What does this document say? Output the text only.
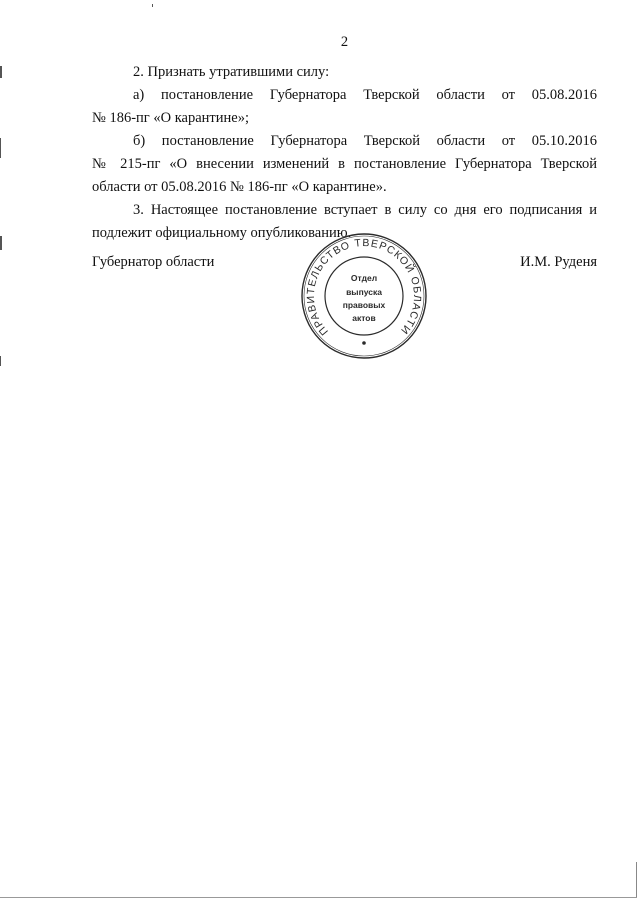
2
2. Признать утратившими силу:
а) постановление Губернатора Тверской области от 05.08.2016
№ 186-пг «О карантине»;
б) постановление Губернатора Тверской области от 05.10.2016
№ 215-пг «О внесении изменений в постановление Губернатора Тверской
области от 05.08.2016 № 186-пг «О карантине».
3. Настоящее постановление вступает в силу со дня его подписания и
подлежит официальному опубликованию.
Губернатор области	И.М. Руденя
ПРАВИТЕЛЬСТВО ТВЕРСКОЙ ОБЛАСТИ
Отдел
выпуска
правовых
актов
